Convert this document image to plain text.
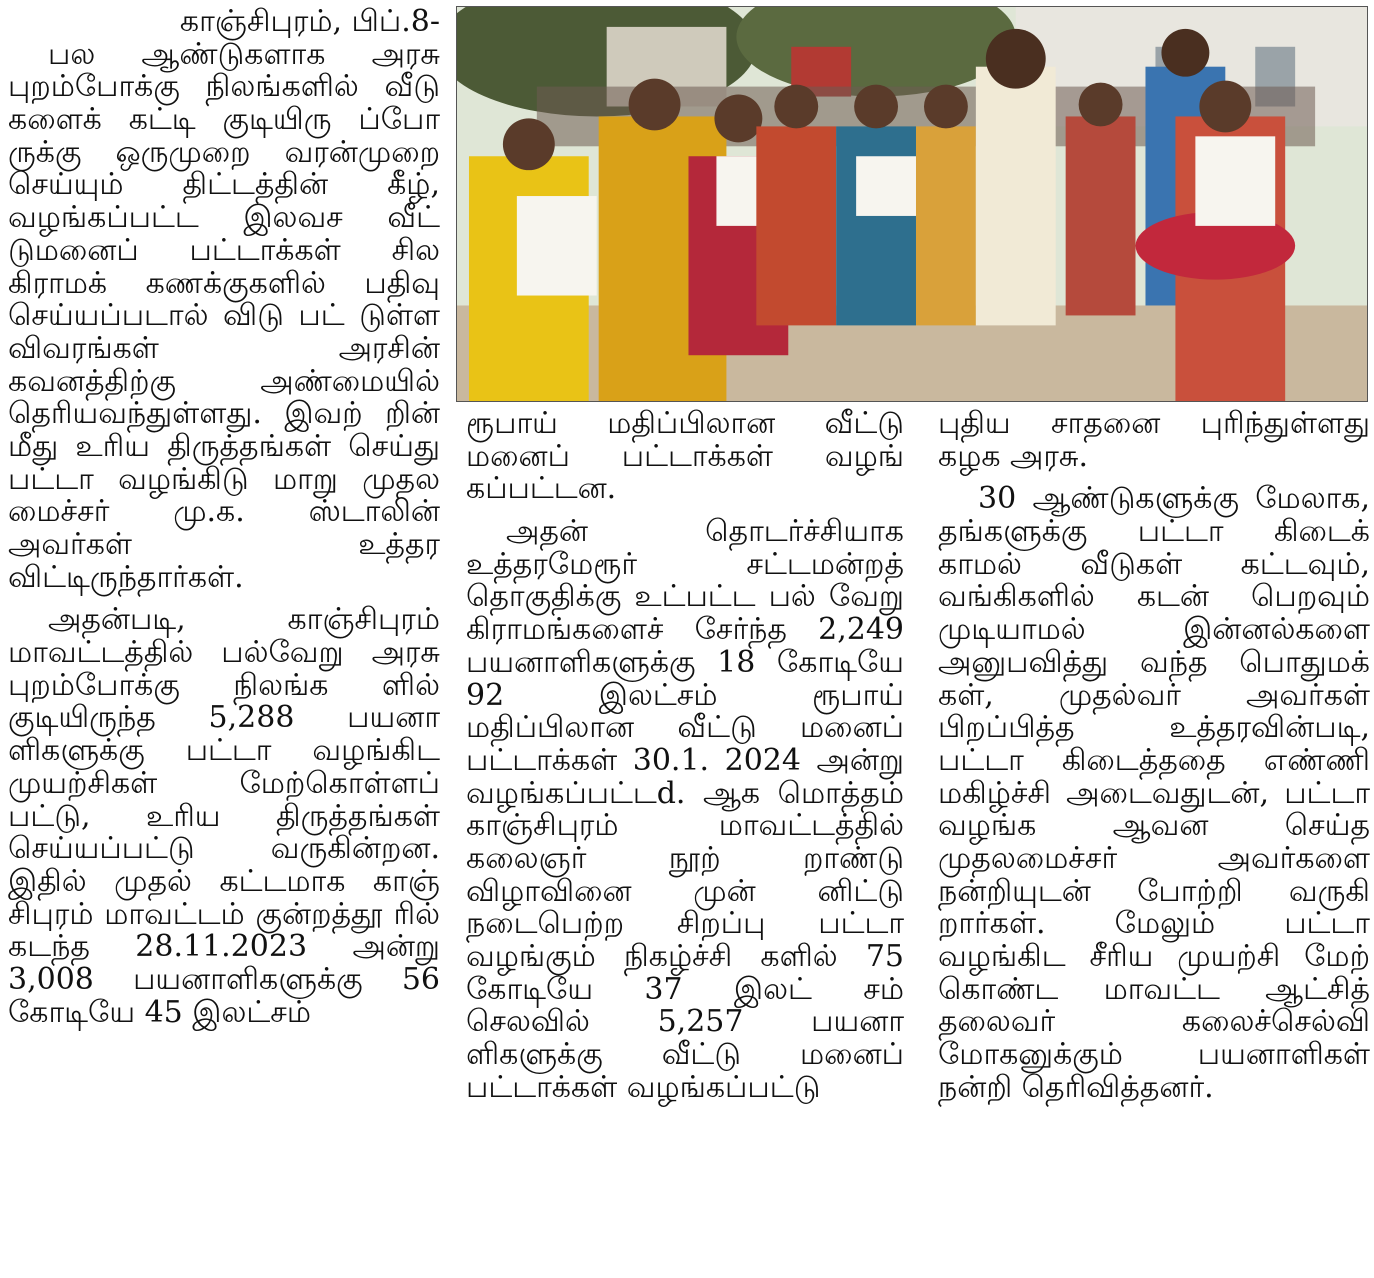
காஞ்சிபுரம், பிப்.8-

பல ஆண்டுகளாக அரசு புறம்போக்கு நிலங்களில் வீடு களைக் கட்டி குடியிரு ப்போ ருக்கு ஒருமுறை வரன்முறை செய்யும் திட்டத்தின் கீழ், வழங்கப்பட்ட இலவச வீட் டுமனைப் பட்டாக்கள் சில கிராமக் கணக்குகளில் பதிவு செய்யப்படால் விடு பட் டுள்ள விவரங்கள் அரசின் கவனத்திற்கு அண்மையில் தெரியவந்துள்ளது. இவற் றின் மீது உரிய திருத்தங்கள் செய்து பட்டா வழங்கிடு மாறு முதல மைச்சர் மு.க. ஸ்டாலின் அவர்கள் உத்தர விட்டிருந்தார்கள்.

அதன்படி, காஞ்சிபுரம் மாவட்டத்தில் பல்வேறு அரசு புறம்போக்கு நிலங்க ளில் குடியிருந்த 5,288 பயனா ளிகளுக்கு பட்டா வழங்கிட முயற்சிகள் மேற்கொள்ளப் பட்டு, உரிய திருத்தங்கள் செய்யப்பட்டு வருகின்றன. இதில் முதல் கட்டமாக காஞ் சிபுரம் மாவட்டம் குன்றத்தூ ரில் கடந்த 28.11.2023 அன்று 3,008 பயனாளிகளுக்கு 56 கோடியே 45 இலட்சம்

ரூபாய் மதிப்பிலான வீட்டு மனைப் பட்டாக்கள் வழங் கப்பட்டன.

அதன் தொடர்ச்சியாக உத்தரமேரூர் சட்டமன்றத் தொகுதிக்கு உட்பட்ட பல் வேறு கிராமங்களைச் சேர்ந்த 2,249 பயனாளிகளுக்கு 18 கோடியே 92 இலட்சம் ரூபாய் மதிப்பிலான வீட்டு மனைப் பட்டாக்கள் 30.1. 2024 அன்று வழங்கப்பட்டd. ஆக மொத்தம் காஞ்சிபுரம் மாவட்டத்தில் கலைஞர் நூற் றாண்டு விழாவினை முன் னிட்டு நடைபெற்ற சிறப்பு பட்டா வழங்கும் நிகழ்ச்சி களில் 75 கோடியே 37 இலட் சம் செலவில் 5,257 பயனா ளிகளுக்கு வீட்டு மனைப் பட்டாக்கள் வழங்கப்பட்டு

புதிய சாதனை புரிந்துள்ளது கழக அரசு.

30 ஆண்டுகளுக்கு மேலாக, தங்களுக்கு பட்டா கிடைக் காமல் வீடுகள் கட்டவும், வங்கிகளில் கடன் பெறவும் முடியாமல் இன்னல்களை அனுபவித்து வந்த பொதுமக் கள், முதல்வர் அவர்கள் பிறப்பித்த உத்தரவின்படி, பட்டா கிடைத்ததை எண்ணி மகிழ்ச்சி அடைவதுடன், பட்டா வழங்க ஆவன செய்த முதலமைச்சர் அவர்களை நன்றியுடன் போற்றி வருகி றார்கள். மேலும் பட்டா வழங்கிட சீரிய முயற்சி மேற் கொண்ட மாவட்ட ஆட்சித் தலைவர் கலைச்செல்வி மோகனுக்கும் பயனாளிகள் நன்றி தெரிவித்தனர்.
